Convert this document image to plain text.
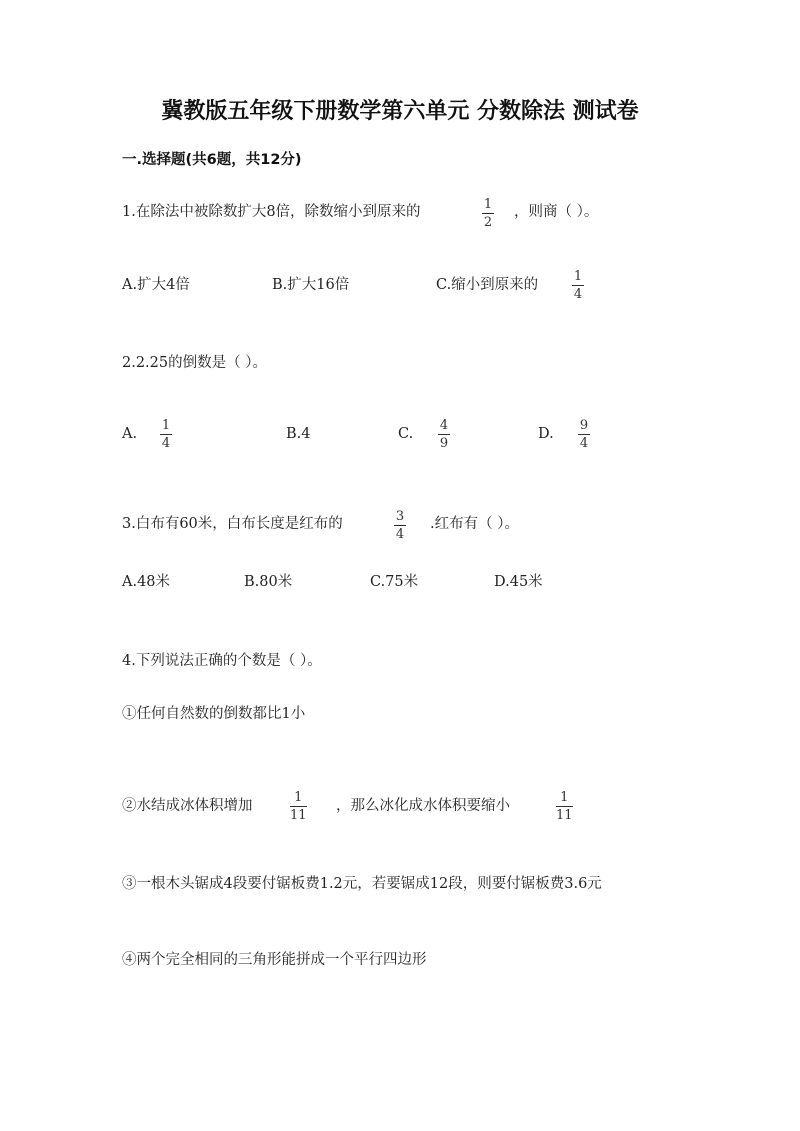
冀教版五年级下册数学第六单元 分数除法 测试卷
一.选择题(共6题，共12分)
1.在除法中被除数扩大8倍，除数缩小到原来的	1
2
，则商（ ）。
A.扩大4倍	B.扩大16倍	C.缩小到原来的
1
4
2.2.25的倒数是（ ）。
A.
1
4
B.4	C.
4
9
D.
9
4
3.白布有60米，白布长度是红布的	3
4
.红布有（ ）。
A.48米	B.80米	C.75米	D.45米
4.下列说法正确的个数是（ ）。
①任何自然数的倒数都比1小
②水结成冰体积增加
1
11
，那么冰化成水体积要缩小
1
11
③一根木头锯成4段要付锯板费1.2元，若要锯成12段，则要付锯板费3.6元
④两个完全相同的三角形能拼成一个平行四边形
